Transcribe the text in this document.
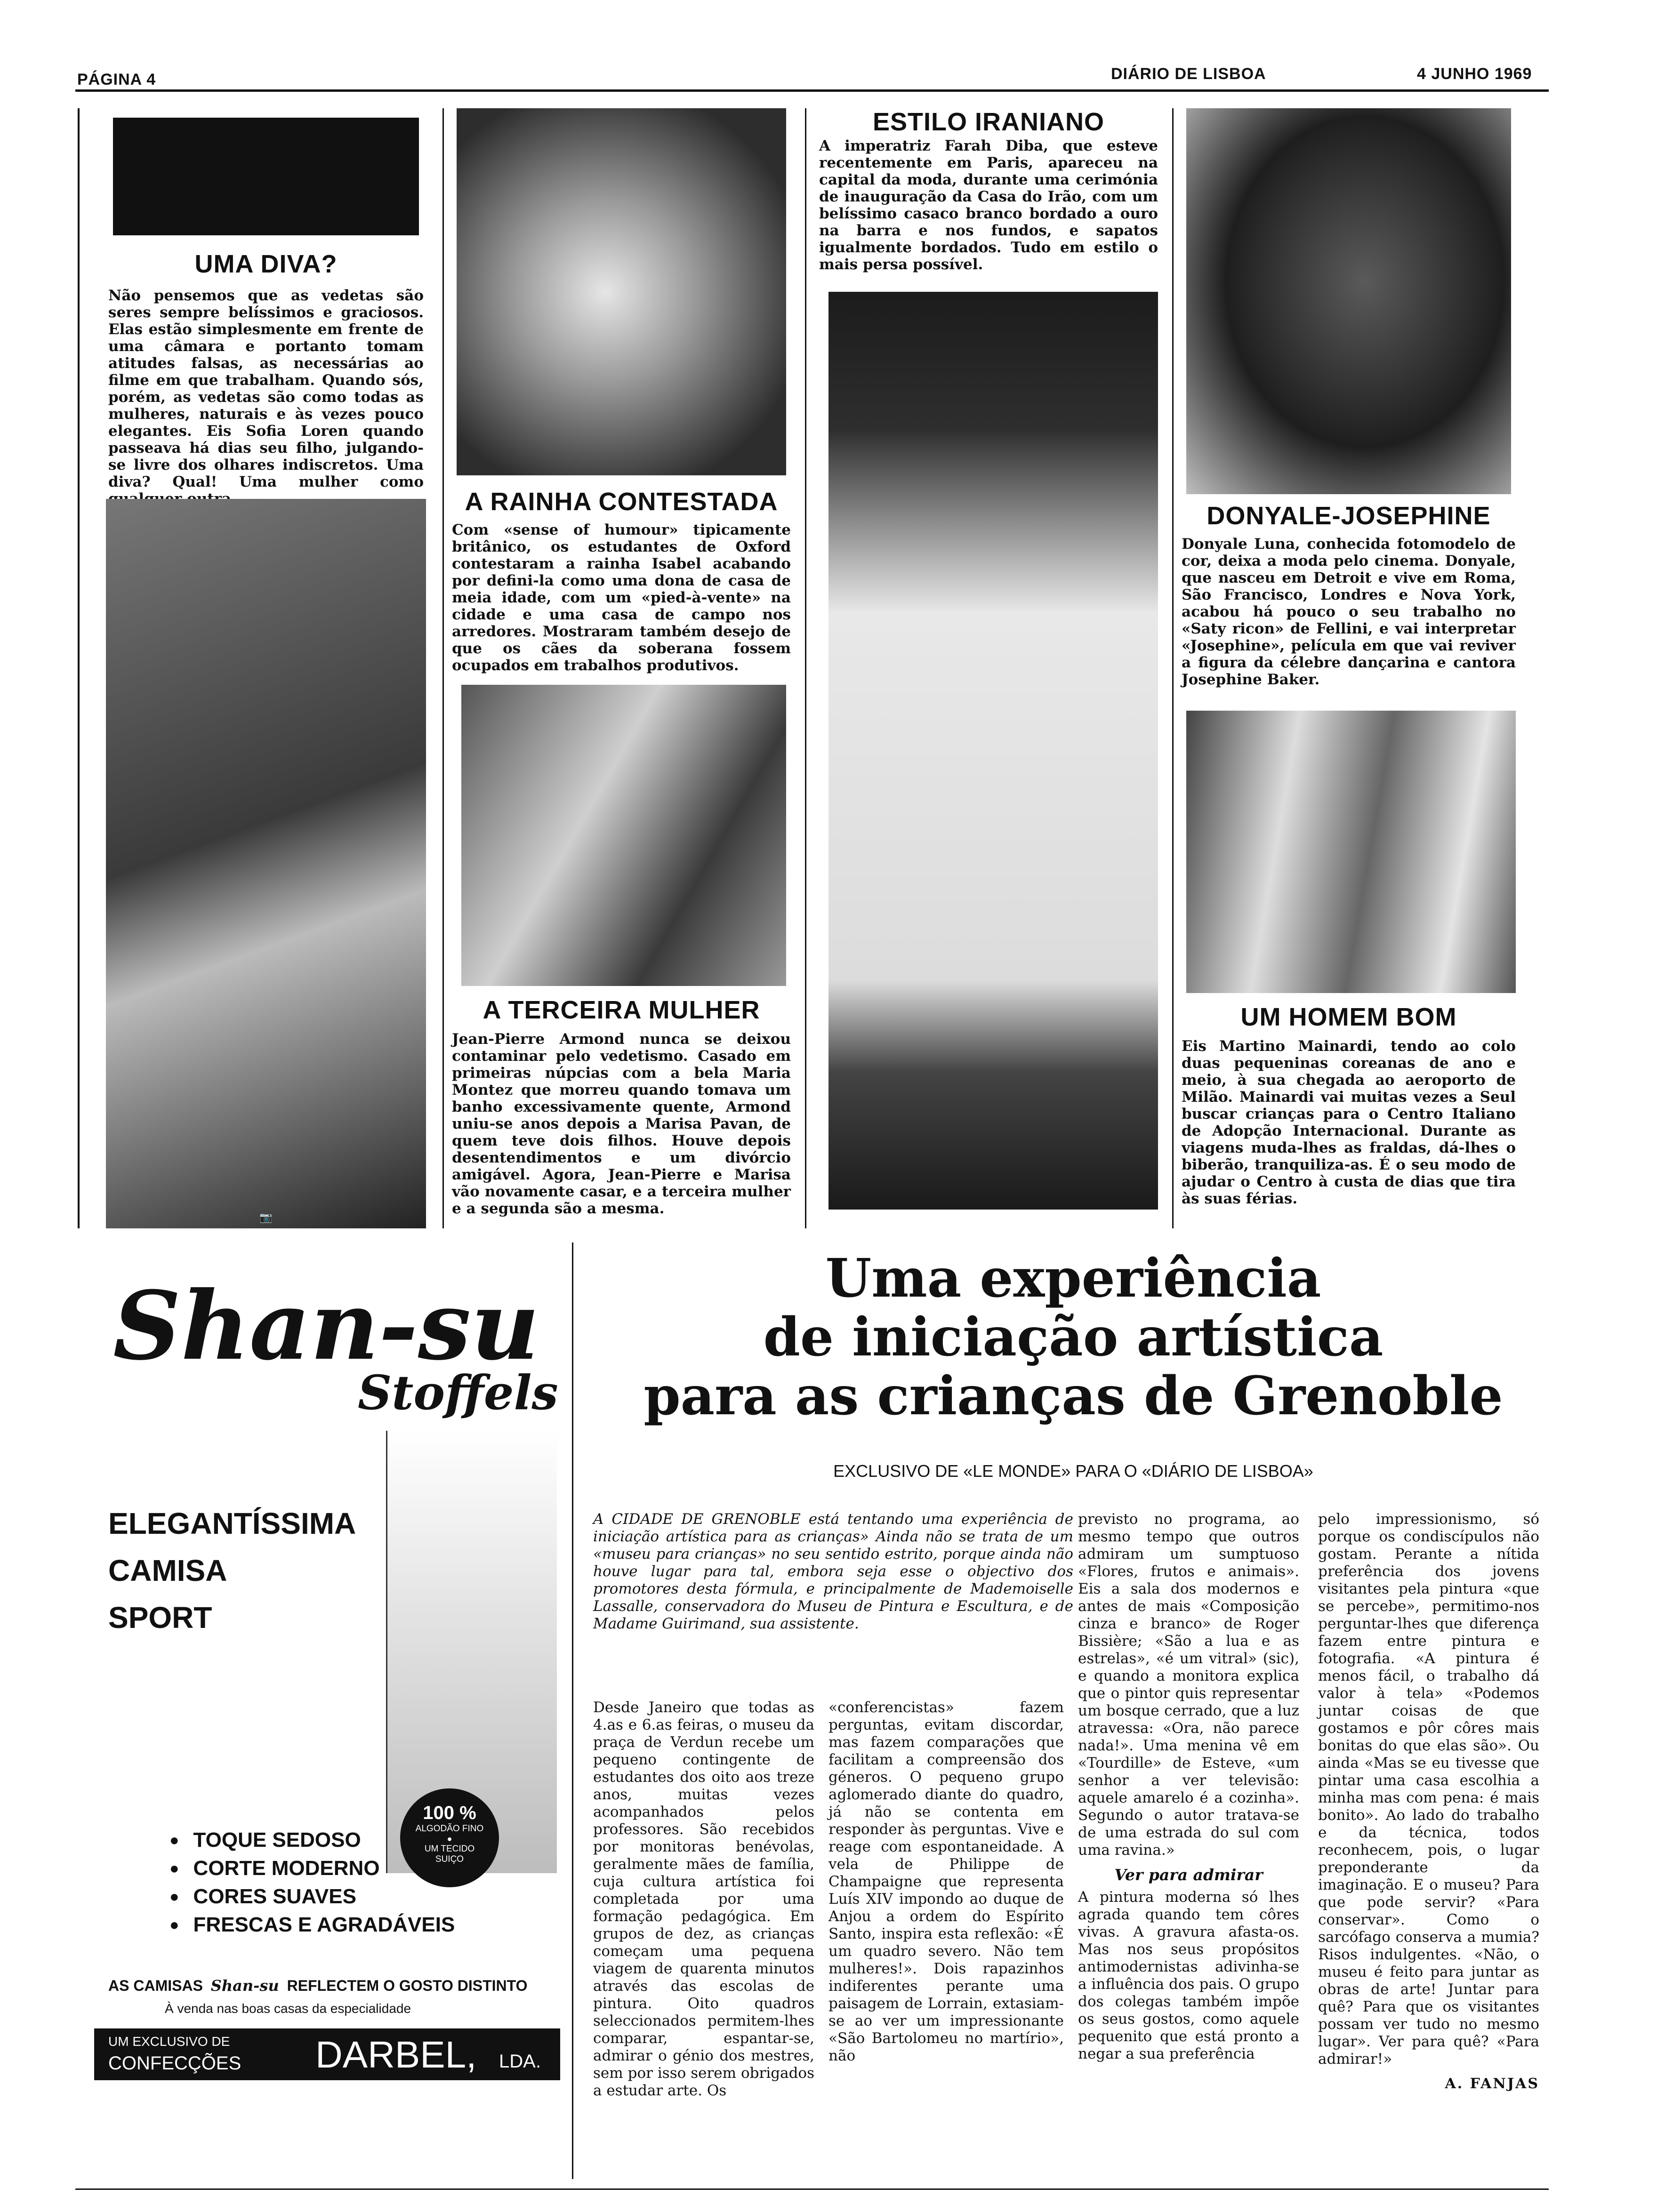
PÁGINA 4	DIÁRIO DE LISBOA	4 JUNHO 1969
UMA DIVA?
Não pensemos que as vedetas são seres sempre belíssimos e graciosos. Elas estão simplesmente em frente de uma câmara e portanto tomam atitudes falsas, as necessárias ao filme em que trabalham. Quando sós, porém, as vedetas são como todas as mulheres, naturais e às vezes pouco elegantes. Eis Sofia Loren quando passeava há dias seu filho, julgando-se livre dos olhares indiscretos. Uma diva? Qual! Uma mulher como
📷
A RAINHA CONTESTADA
Com «sense of humour» tipicamente britânico, os estudantes de Oxford contestaram a rainha Isabel acabando por defini-la como uma dona de casa de meia idade, com um «pied-à-vente» na cidade e uma casa de campo nos arredores. Mostraram também desejo de que os cães da soberana fossem ocupados em trabalhos produtivos.
A TERCEIRA MULHER
Jean-Pierre Armond nunca se deixou contaminar pelo vedetismo. Casado em primeiras núpcias com a bela Maria Montez que morreu quando tomava um banho excessivamente quente, Armond uniu-se anos depois a Marisa Pavan, de quem teve dois filhos. Houve depois desentendimentos e um divórcio amigável. Agora, Jean-Pierre e Marisa vão novamente casar, e a terceira mulher e a segunda são a mesma.
ESTILO IRANIANO
A imperatriz Farah Diba, que esteve recentemente em Paris, apareceu na capital da moda, durante uma cerimónia de inauguração da Casa do Irão, com um belíssimo casaco branco bordado a ouro na barra e nos fundos, e sapatos igualmente bordados. Tudo em estilo o mais persa possível.
DONYALE-JOSEPHINE
Donyale Luna, conhecida fotomodelo de cor, deixa a moda pelo cinema. Donyale, que nasceu em Detroit e vive em Roma, São Francisco, Londres e Nova York, acabou há pouco o seu trabalho no «Saty ricon» de Fellini, e vai interpretar «Josephine», película em que vai reviver a figura da célebre dançarina e cantora Josephine Baker.
UM HOMEM BOM
Eis Martino Mainardi, tendo ao colo duas pequeninas coreanas de ano e meio, à sua chegada ao aeroporto de Milão. Mainardi vai muitas vezes a Seul buscar crianças para o Centro Italiano de Adopção Internacional. Durante as viagens muda-lhes as fraldas, dá-lhes o biberão, tranquiliza-as. É o seu modo de ajudar o Centro à custa de dias que tira às suas férias.
Shan-su
Stoffels
ELEGANTÍSSIMA
CAMISA
SPORT
100 %
ALGODÃO FINO
●
UM TECIDO SUIÇO
● TOQUE SEDOSO
● CORTE MODERNO
● CORES SUAVES
● FRESCAS E AGRADÁVEIS
AS CAMISAS Shan-su REFLECTEM O GOSTO DISTINTO
À venda nas boas casas da especialidade
UM EXCLUSIVO DE
CONFECÇÕES DARBEL, LDA.
Uma experiência
de iniciação artística
para as crianças de Grenoble
EXCLUSIVO DE «LE MONDE» PARA O «DIÁRIO DE LISBOA»
A CIDADE DE GRENOBLE está tentando uma experiência de iniciação artística para as crianças» Ainda não se trata de um «museu para crianças» no seu sentido estrito, porque ainda não houve lugar para tal, embora seja esse o objectivo dos promotores desta fórmula, e principalmente de Mademoiselle Lassalle, conservadora do Museu de Pintura e Escultura, e de Madame Guirimand, sua assistente.
Desde Janeiro que todas as 4.as e 6.as feiras, o museu da praça de Verdun recebe um pequeno contingente de estudantes dos oito aos treze anos, muitas vezes acompanhados pelos professores. São recebidos por monitoras benévolas, geralmente mães de família, cuja cultura artística foi completada por uma formação pedagógica. Em grupos de dez, as crianças começam uma pequena viagem de quarenta minutos através das escolas de pintura. Oito quadros seleccionados permitem-lhes comparar, espantar-se, admirar o génio dos mestres, sem por isso serem obrigados a estudar arte. Os
«conferencistas» fazem perguntas, evitam discordar, mas fazem comparações que facilitam a compreensão dos géneros. O pequeno grupo aglomerado diante do quadro, já não se contenta em responder às perguntas. Vive e reage com espontaneidade. A vela de Philippe de Champaigne que representa Luís XIV impondo ao duque de Anjou a ordem do Espírito Santo, inspira esta reflexão: «É um quadro severo. Não tem mulheres!». Dois rapazinhos indiferentes perante uma paisagem de Lorrain, extasiam-se ao ver um impressionante «São Bartolomeu no martírio», não
previsto no programa, ao mesmo tempo que outros admiram um sumptuoso «Flores, frutos e animais». Eis a sala dos modernos e antes de mais «Composição cinza e branco» de Roger Bissière; «São a lua e as estrelas», «é um vitral» (sic), e quando a monitora explica que o pintor quis representar um bosque cerrado, que a luz atravessa: «Ora, não parece nada!». Uma menina vê em «Tourdille» de Esteve, «um senhor a ver televisão: aquele amarelo é a cozinha». Segundo o autor tratava-se de uma estrada do sul com uma ravina.»
Ver para admirar
A pintura moderna só lhes agrada quando tem côres vivas. A gravura afasta-os. Mas nos seus propósitos antimodernistas adivinha-se a influência dos pais. O grupo dos colegas também impõe os seus gostos, como aquele pequenito que está pronto a negar a sua preferência
pelo impressionismo, só porque os condiscípulos não gostam. Perante a nítida preferência dos jovens visitantes pela pintura «que se percebe», permitimo-nos perguntar-lhes que diferença fazem entre pintura e fotografia. «A pintura é menos fácil, o trabalho dá valor à tela» «Podemos juntar coisas de que gostamos e pôr côres mais bonitas do que elas são». Ou ainda «Mas se eu tivesse que pintar uma casa escolhia a minha mas com pena: é mais bonito». Ao lado do trabalho e da técnica, todos reconhecem, pois, o lugar preponderante da imaginação. E o museu? Para que pode servir? «Para conservar». Como o sarcófago conserva a mumia? Risos indulgentes. «Não, o museu é feito para juntar as obras de arte! Juntar para quê? Para que os visitantes possam ver tudo no mesmo lugar». Ver para quê? «Para admirar!»
A. FANJAS
